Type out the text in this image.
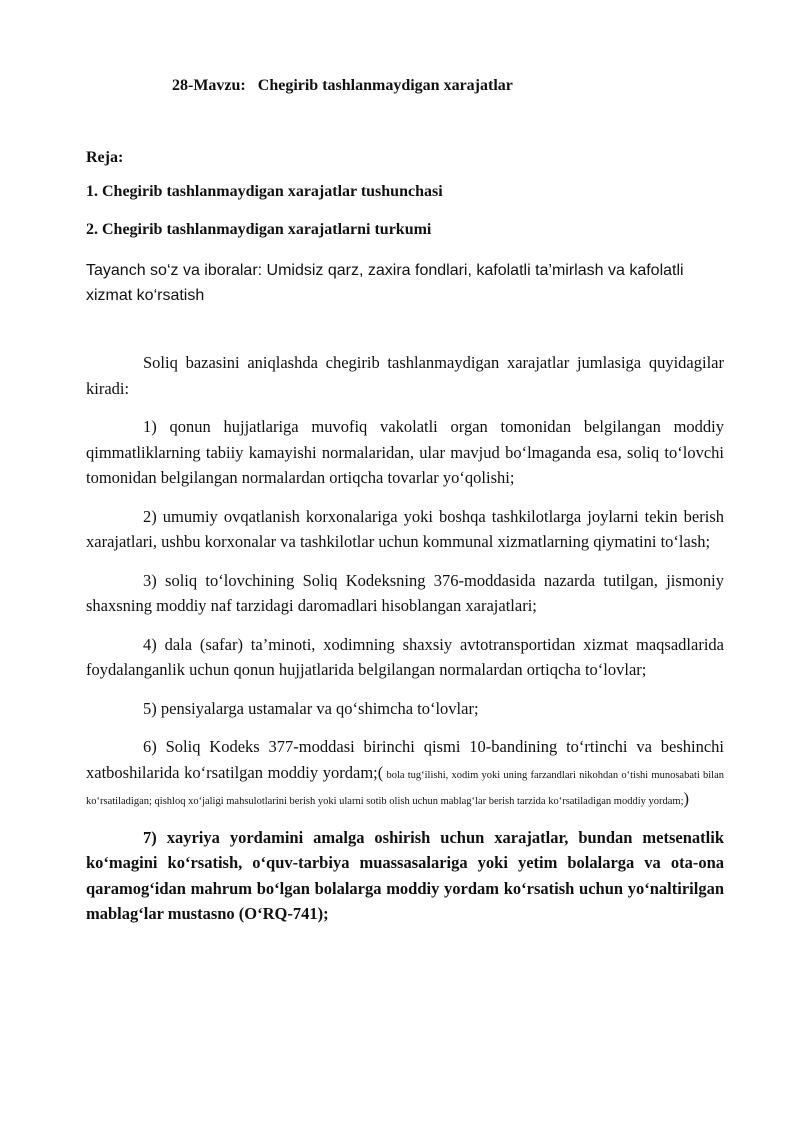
28-Mavzu:   Chegirib tashlanmaydigan xarajatlar
Reja:
1. Chegirib tashlanmaydigan xarajatlar tushunchasi
2. Chegirib tashlanmaydigan xarajatlarni turkumi
Tayanch so‘z va iboralar: Umidsiz qarz, zaxira fondlari, kafolatli ta’mirlash va kafolatli xizmat ko‘rsatish

Soliq bazasini aniqlashda chegirib tashlanmaydigan xarajatlar jumlasiga quyidagilar kiradi:

1) qonun hujjatlariga muvofiq vakolatli organ tomonidan belgilangan moddiy qimmatliklarning tabiiy kamayishi normalaridan, ular mavjud bo‘lmaganda esa, soliq to‘lovchi tomonidan belgilangan normalardan ortiqcha tovarlar yo‘qolishi;

2) umumiy ovqatlanish korxonalariga yoki boshqa tashkilotlarga joylarni tekin berish xarajatlari, ushbu korxonalar va tashkilotlar uchun kommunal xizmatlarning qiymatini to‘lash;

3) soliq to‘lovchining Soliq Kodeksning 376-moddasida nazarda tutilgan, jismoniy shaxsning moddiy naf tarzidagi daromadlari hisoblangan xarajatlari;

4) dala (safar) ta’minoti, xodimning shaxsiy avtotransportidan xizmat maqsadlarida foydalanganlik uchun qonun hujjatlarida belgilangan normalardan ortiqcha to‘lovlar;

5) pensiyalarga ustamalar va qo‘shimcha to‘lovlar;

6) Soliq Kodeks 377-moddasi birinchi qismi 10-bandining to‘rtinchi va beshinchi xatboshilarida ko‘rsatilgan moddiy yordam;( bola tug‘ilishi, xodim yoki uning farzandlari nikohdan o‘tishi munosabati bilan ko‘rsatiladigan; qishloq xo‘jaligi mahsulotlarini berish yoki ularni sotib olish uchun mablag‘lar berish tarzida ko‘rsatiladigan moddiy yordam;)

7) xayriya yordamini amalga oshirish uchun xarajatlar, bundan metsenatlik ko‘magini ko‘rsatish, o‘quv-tarbiya muassasalariga yoki yetim bolalarga va ota-ona qaramog‘idan mahrum bo‘lgan bolalarga moddiy yordam ko‘rsatish uchun yo‘naltirilgan mablag‘lar mustasno (O‘RQ-741);
